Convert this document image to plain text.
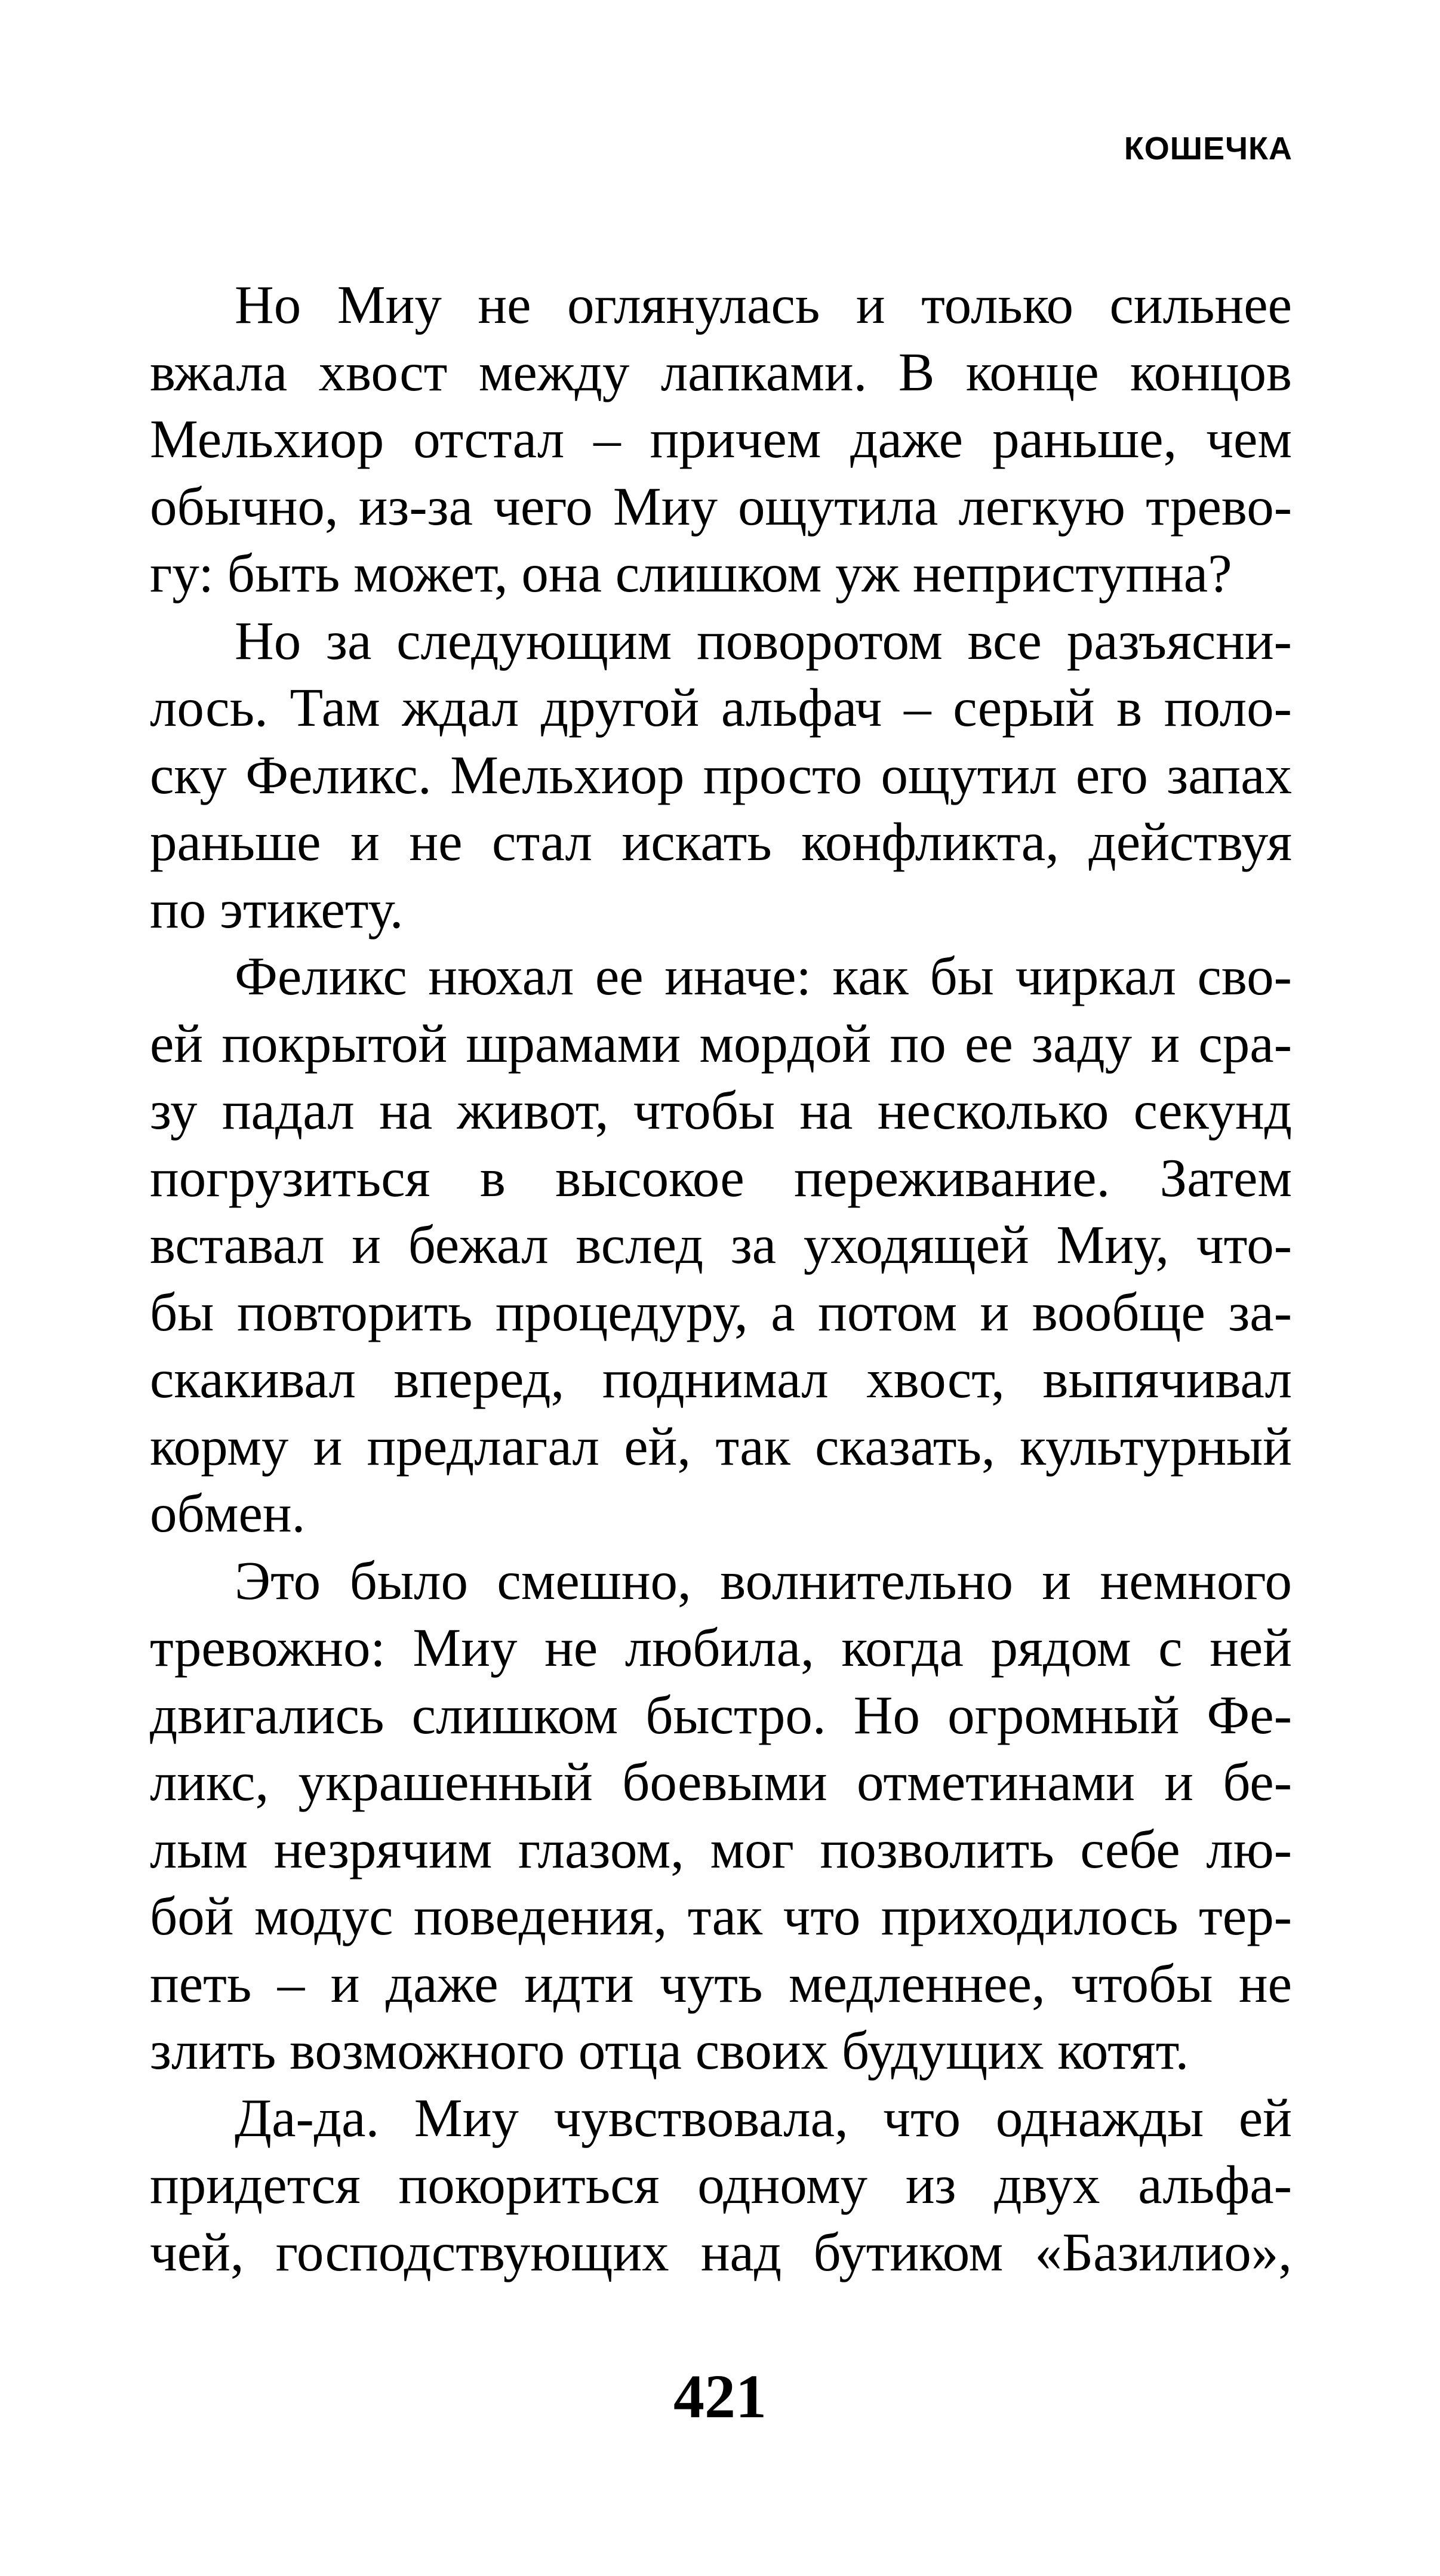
КОШЕЧКА
Но Миу не оглянулась и только сильнее
вжала хвост между лапками. В конце концов
Мельхиор отстал – причем даже раньше, чем
обычно, из-за чего Миу ощутила легкую трево-
гу: быть может, она слишком уж неприступна?
Но за следующим поворотом все разъясни-
лось. Там ждал другой альфач – серый в поло-
ску Феликс. Мельхиор просто ощутил его запах
раньше и не стал искать конфликта, действуя
по этикету.
Феликс нюхал ее иначе: как бы чиркал сво-
ей покрытой шрамами мордой по ее заду и сра-
зу падал на живот, чтобы на несколько секунд
погрузиться в высокое переживание. Затем
вставал и бежал вслед за уходящей Миу, что-
бы повторить процедуру, а потом и вообще за-
скакивал вперед, поднимал хвост, выпячивал
корму и предлагал ей, так сказать, культурный
обмен.
Это было смешно, волнительно и немного
тревожно: Миу не любила, когда рядом с ней
двигались слишком быстро. Но огромный Фе-
ликс, украшенный боевыми отметинами и бе-
лым незрячим глазом, мог позволить себе лю-
бой модус поведения, так что приходилось тер-
петь – и даже идти чуть медленнее, чтобы не
злить возможного отца своих будущих котят.
Да-да. Миу чувствовала, что однажды ей
придется покориться одному из двух альфа-
чей, господствующих над бутиком «Базилио»,
421
